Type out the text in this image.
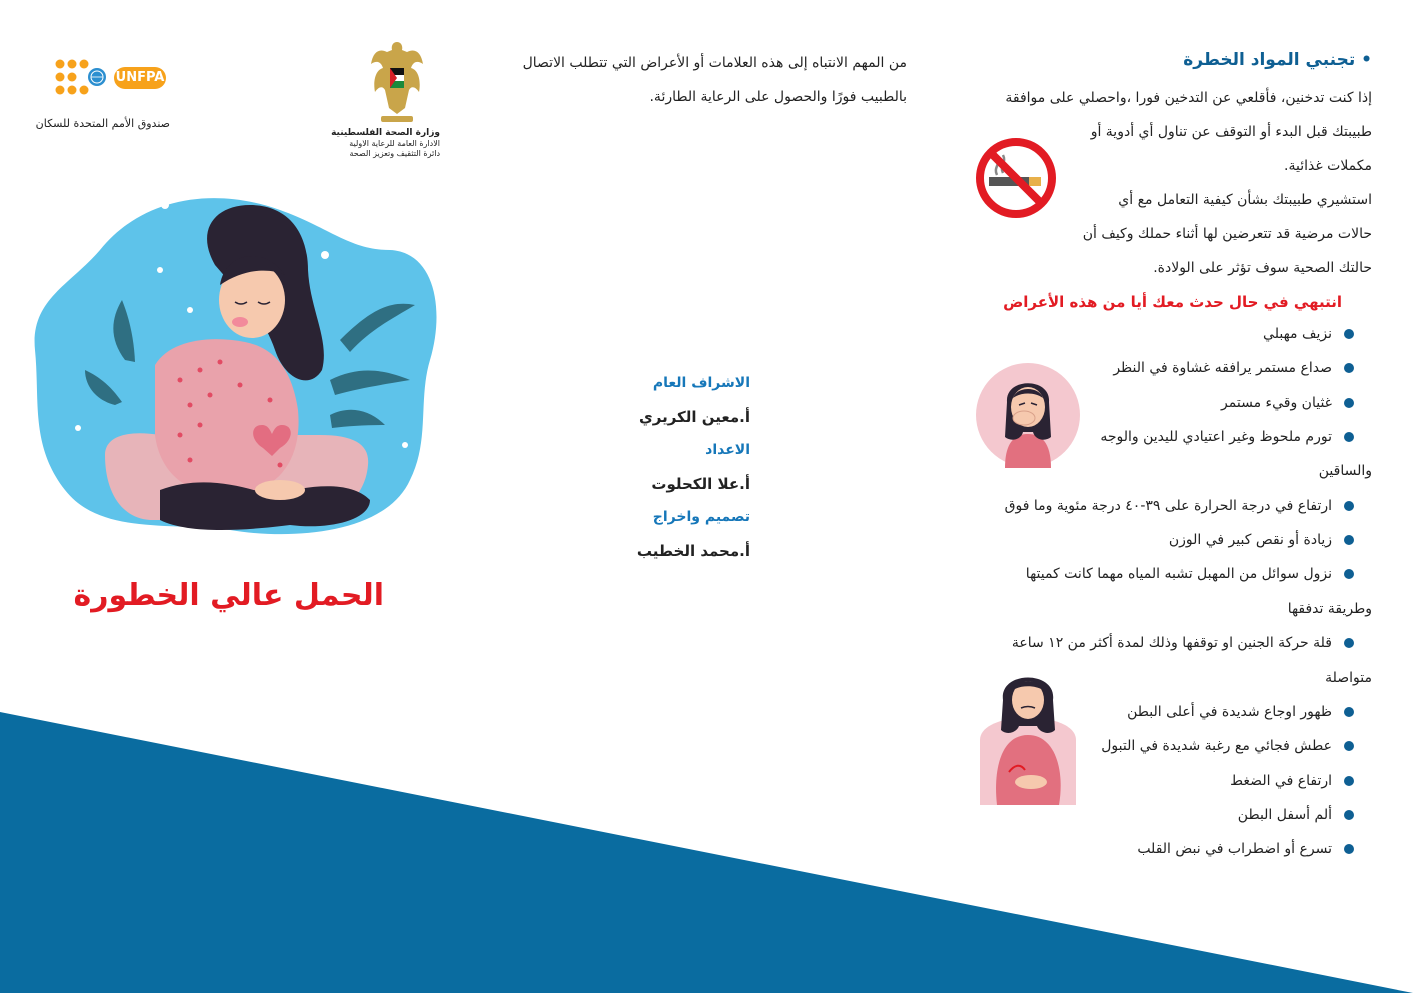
UNFPA
صندوق الأمم المتحدة للسكان
وزارة الصحة الفلسطينية
الادارة العامة للرعاية الاولية
دائرة التثقيف وتعزيز الصحة
من المهم الانتباه إلى هذه العلامات أو الأعراض التي تتطلب الاتصال
بالطبيب فورًا والحصول على الرعاية الطارئة.
الاشراف العام
أ.معين الكريري
الاعداد
أ.علا الكحلوت
تصميم واخراج
أ.محمد الخطيب
الحمل عالي الخطورة
• تجنبي المواد الخطرة
إذا كنت تدخنين، فأقلعي عن التدخين فورا ،واحصلي على موافقة
طبيبتك قبل البدء أو التوقف عن تناول أي أدوية أو
مكملات غذائية.
استشيري طبيبتك بشأن كيفية التعامل مع أي
حالات مرضية قد تتعرضين لها أثناء حملك وكيف أن
حالتك الصحية سوف تؤثر على الولادة.
انتبهي في حال حدث معك أيا من هذه الأعراض
نزيف مهبلي
صداع مستمر يرافقه غشاوة في النظر
غثيان وقيء مستمر
تورم ملحوظ وغير اعتيادي لليدين والوجه
والساقين
ارتفاع في درجة الحرارة على ٣٩-٤٠ درجة مئوية وما فوق
زيادة أو نقص كبير في الوزن
نزول سوائل من المهبل تشبه المياه مهما كانت كميتها
وطريقة تدفقها
قلة حركة الجنين او توقفها وذلك لمدة أكثر من ١٢ ساعة
متواصلة
ظهور اوجاع شديدة في أعلى البطن
عطش فجائي مع رغبة شديدة في التبول
ارتفاع في الضغط
ألم أسفل البطن
تسرع أو اضطراب في نبض القلب
